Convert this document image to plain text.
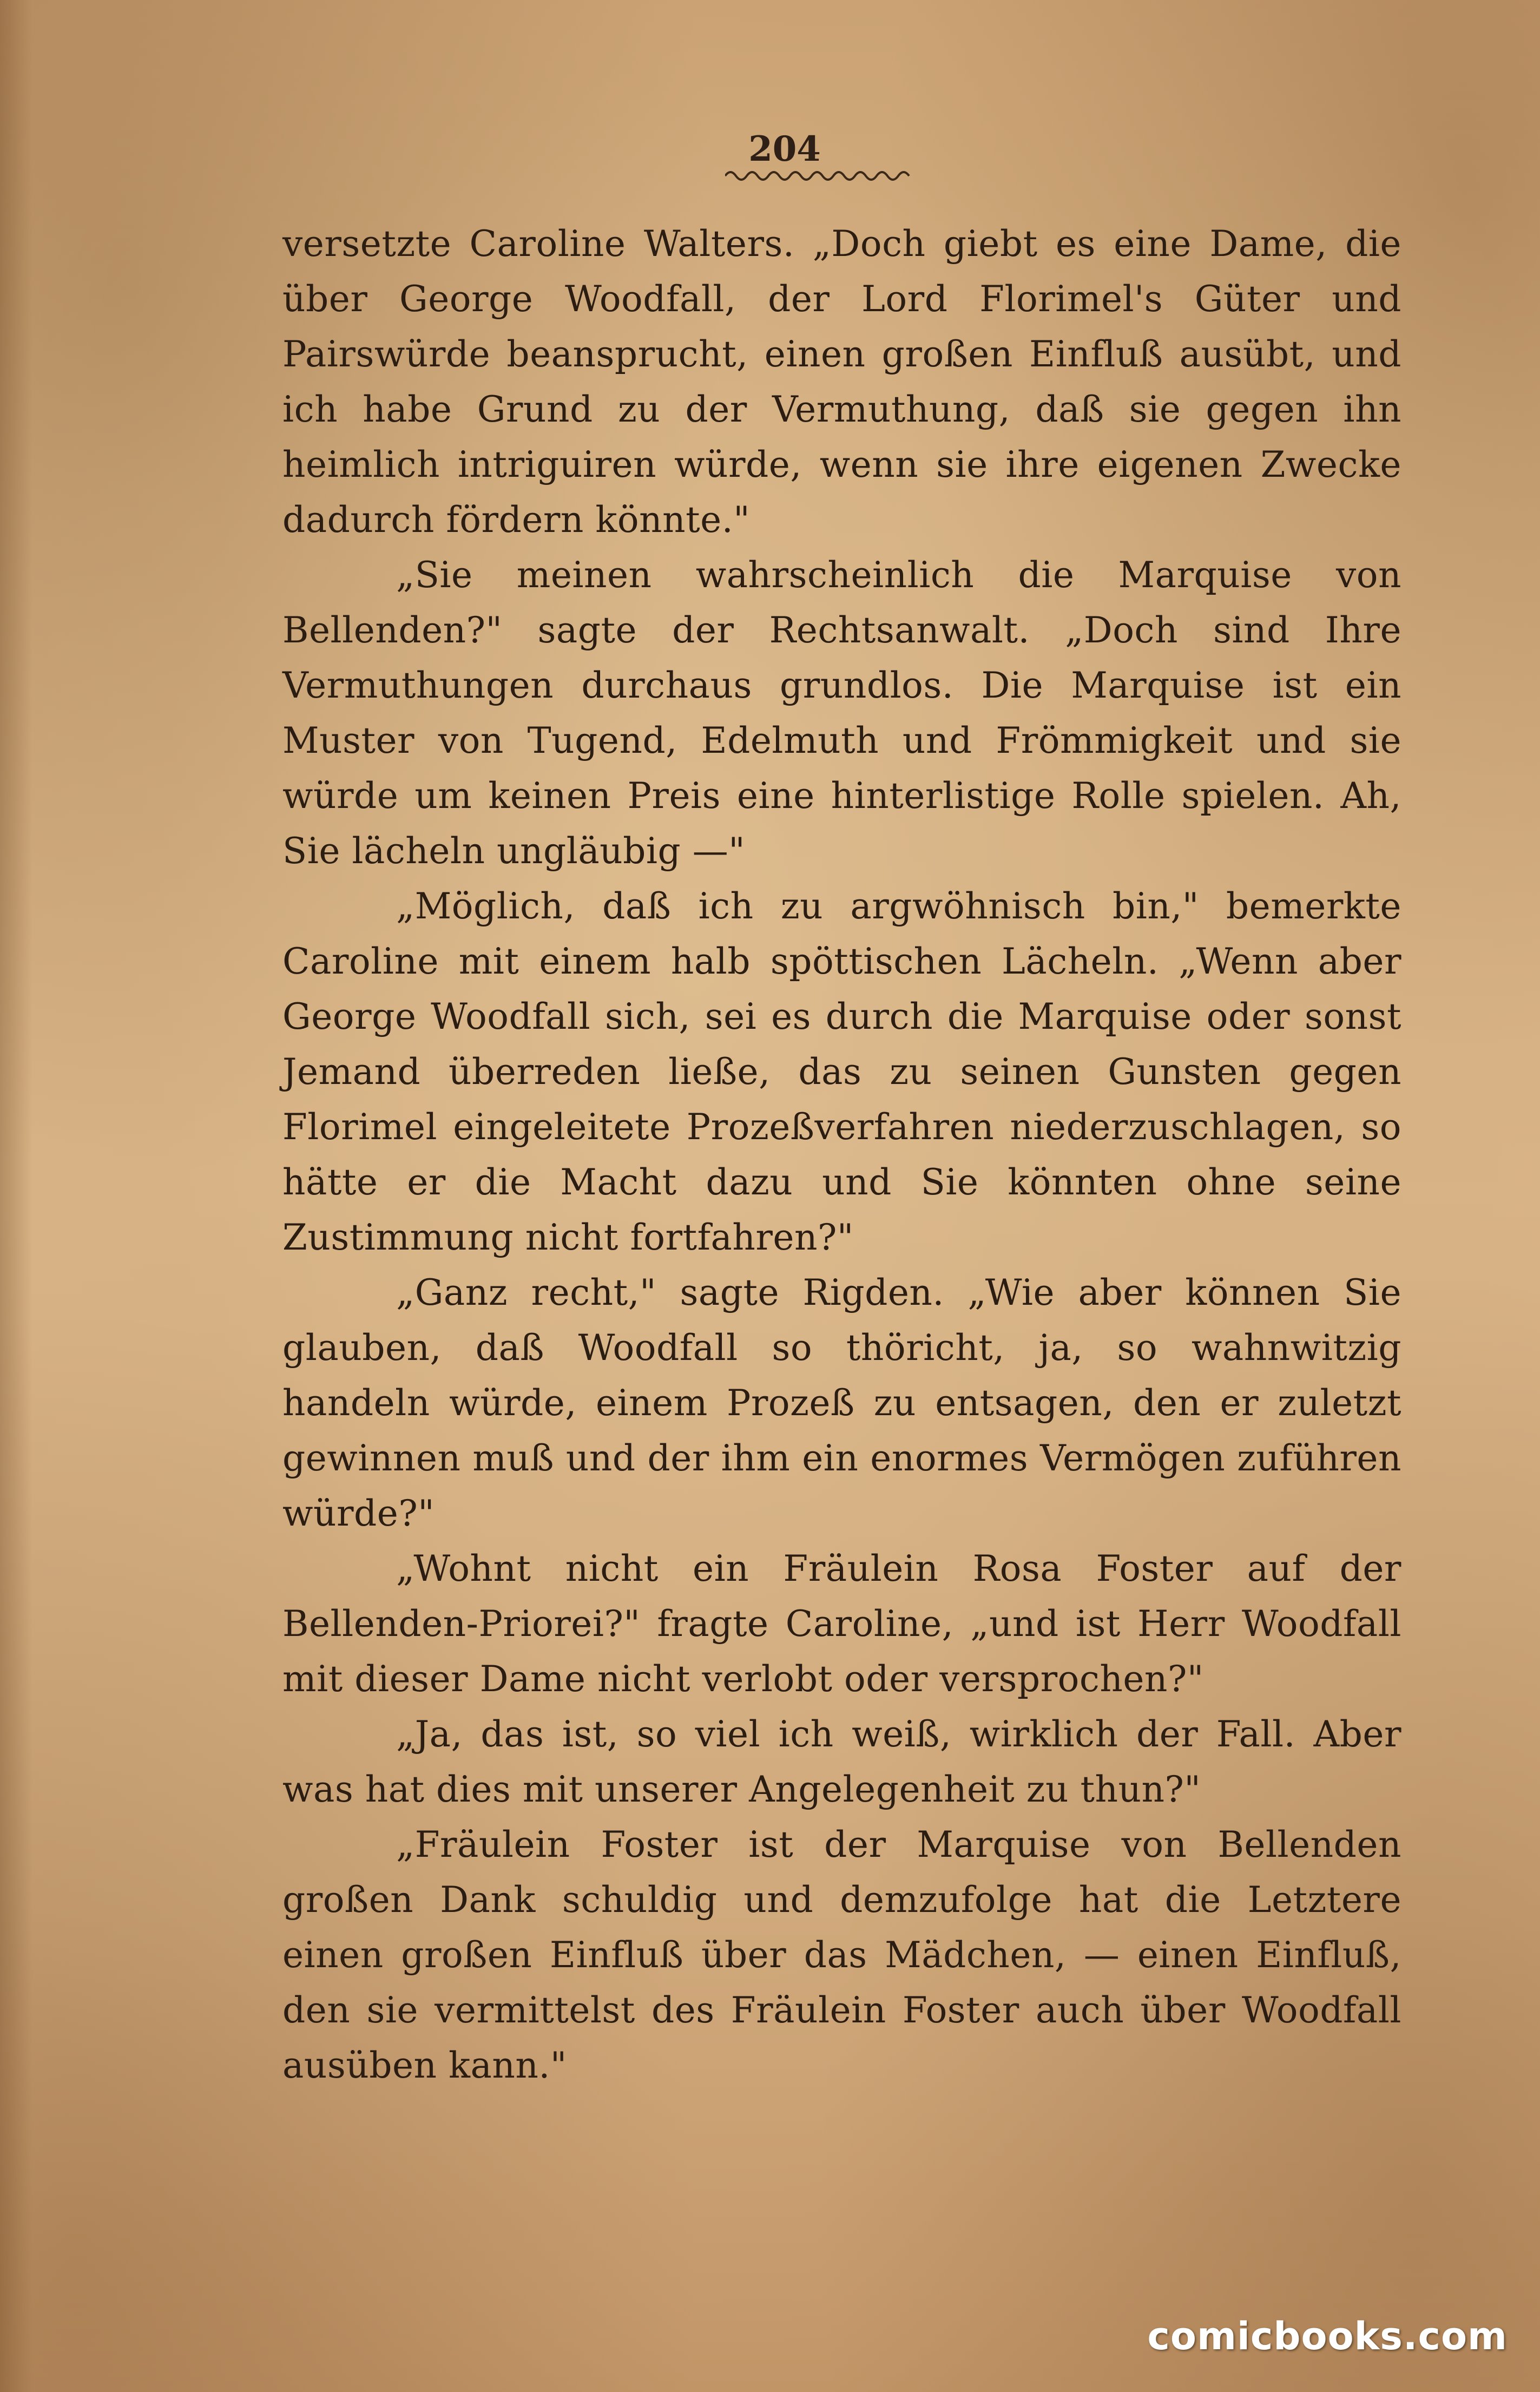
204

versetzte Caroline Walters. „Doch giebt es eine Dame, die über George Woodfall, der Lord Florimel's Güter und Pairswürde beansprucht, einen großen Einfluß ausübt, und ich habe Grund zu der Vermuthung, daß sie gegen ihn heimlich intriguiren würde, wenn sie ihre eigenen Zwecke dadurch fördern könnte."

„Sie meinen wahrscheinlich die Marquise von Bellenden?" sagte der Rechtsanwalt. „Doch sind Ihre Vermuthungen durchaus grundlos. Die Marquise ist ein Muster von Tugend, Edelmuth und Frömmigkeit und sie würde um keinen Preis eine hinterlistige Rolle spielen. Ah, Sie lächeln ungläubig —"

„Möglich, daß ich zu argwöhnisch bin," bemerkte Caroline mit einem halb spöttischen Lächeln. „Wenn aber George Woodfall sich, sei es durch die Marquise oder sonst Jemand überreden ließe, das zu seinen Gunsten gegen Florimel eingeleitete Prozeßverfahren niederzuschlagen, so hätte er die Macht dazu und Sie könnten ohne seine Zustimmung nicht fortfahren?"

„Ganz recht," sagte Rigden. „Wie aber können Sie glauben, daß Woodfall so thöricht, ja, so wahnwitzig handeln würde, einem Prozeß zu entsagen, den er zuletzt gewinnen muß und der ihm ein enormes Vermögen zuführen würde?"

„Wohnt nicht ein Fräulein Rosa Foster auf der Bellenden-Priorei?" fragte Caroline, „und ist Herr Woodfall mit dieser Dame nicht verlobt oder versprochen?"

„Ja, das ist, so viel ich weiß, wirklich der Fall. Aber was hat dies mit unserer Angelegenheit zu thun?"

„Fräulein Foster ist der Marquise von Bellenden großen Dank schuldig und demzufolge hat die Letztere einen großen Einfluß über das Mädchen, — einen Einfluß, den sie vermittelst des Fräulein Foster auch über Woodfall ausüben kann."

comicbooks.com
